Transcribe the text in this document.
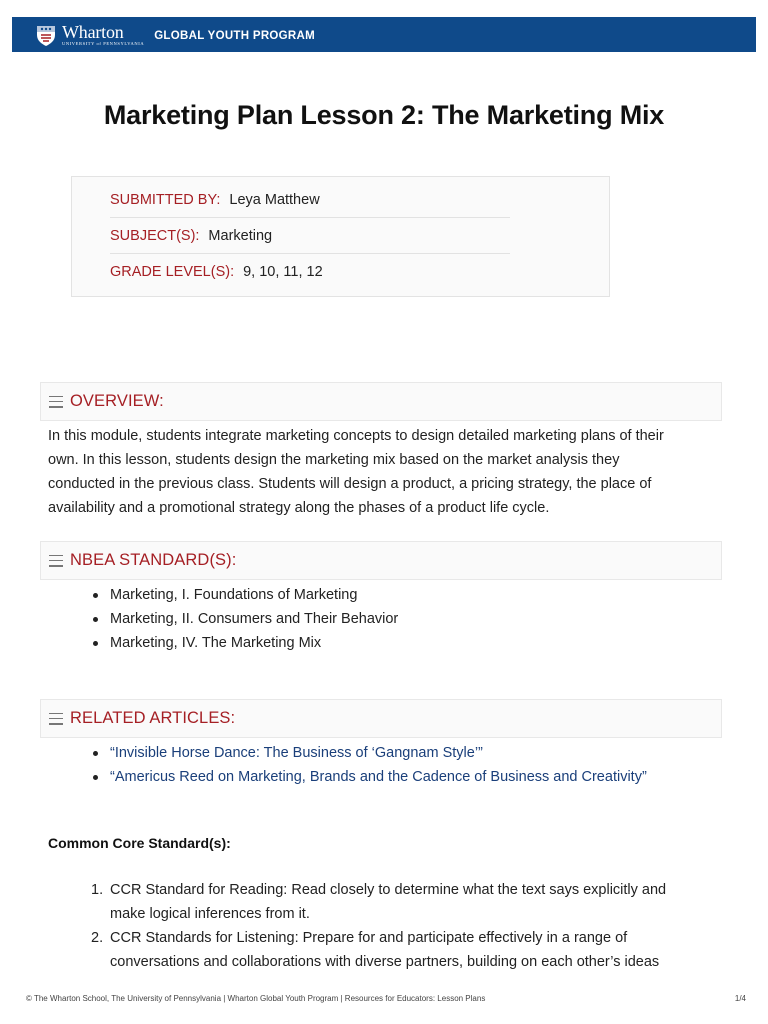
Wharton
UNIVERSITY of PENNSYLVANIA
GLOBAL YOUTH PROGRAM
Marketing Plan Lesson 2: The Marketing Mix
SUBMITTED BY: Leya Matthew
SUBJECT(S): Marketing
GRADE LEVEL(S): 9, 10, 11, 12
OVERVIEW:
In this module, students integrate marketing concepts to design detailed marketing plans of their
own. In this lesson, students design the marketing mix based on the market analysis they
conducted in the previous class. Students will design a product, a pricing strategy, the place of
availability and a promotional strategy along the phases of a product life cycle.
NBEA STANDARD(S):
Marketing, I. Foundations of Marketing
Marketing, II. Consumers and Their Behavior
Marketing, IV. The Marketing Mix
RELATED ARTICLES:
“Invisible Horse Dance: The Business of ‘Gangnam Style’”
“Americus Reed on Marketing, Brands and the Cadence of Business and Creativity”
Common Core Standard(s):
1. CCR Standard for Reading: Read closely to determine what the text says explicitly and
make logical inferences from it.
2. CCR Standards for Listening: Prepare for and participate effectively in a range of
conversations and collaborations with diverse partners, building on each other’s ideas
© The Wharton School, The University of Pennsylvania | Wharton Global Youth Program | Resources for Educators: Lesson Plans	1/4
